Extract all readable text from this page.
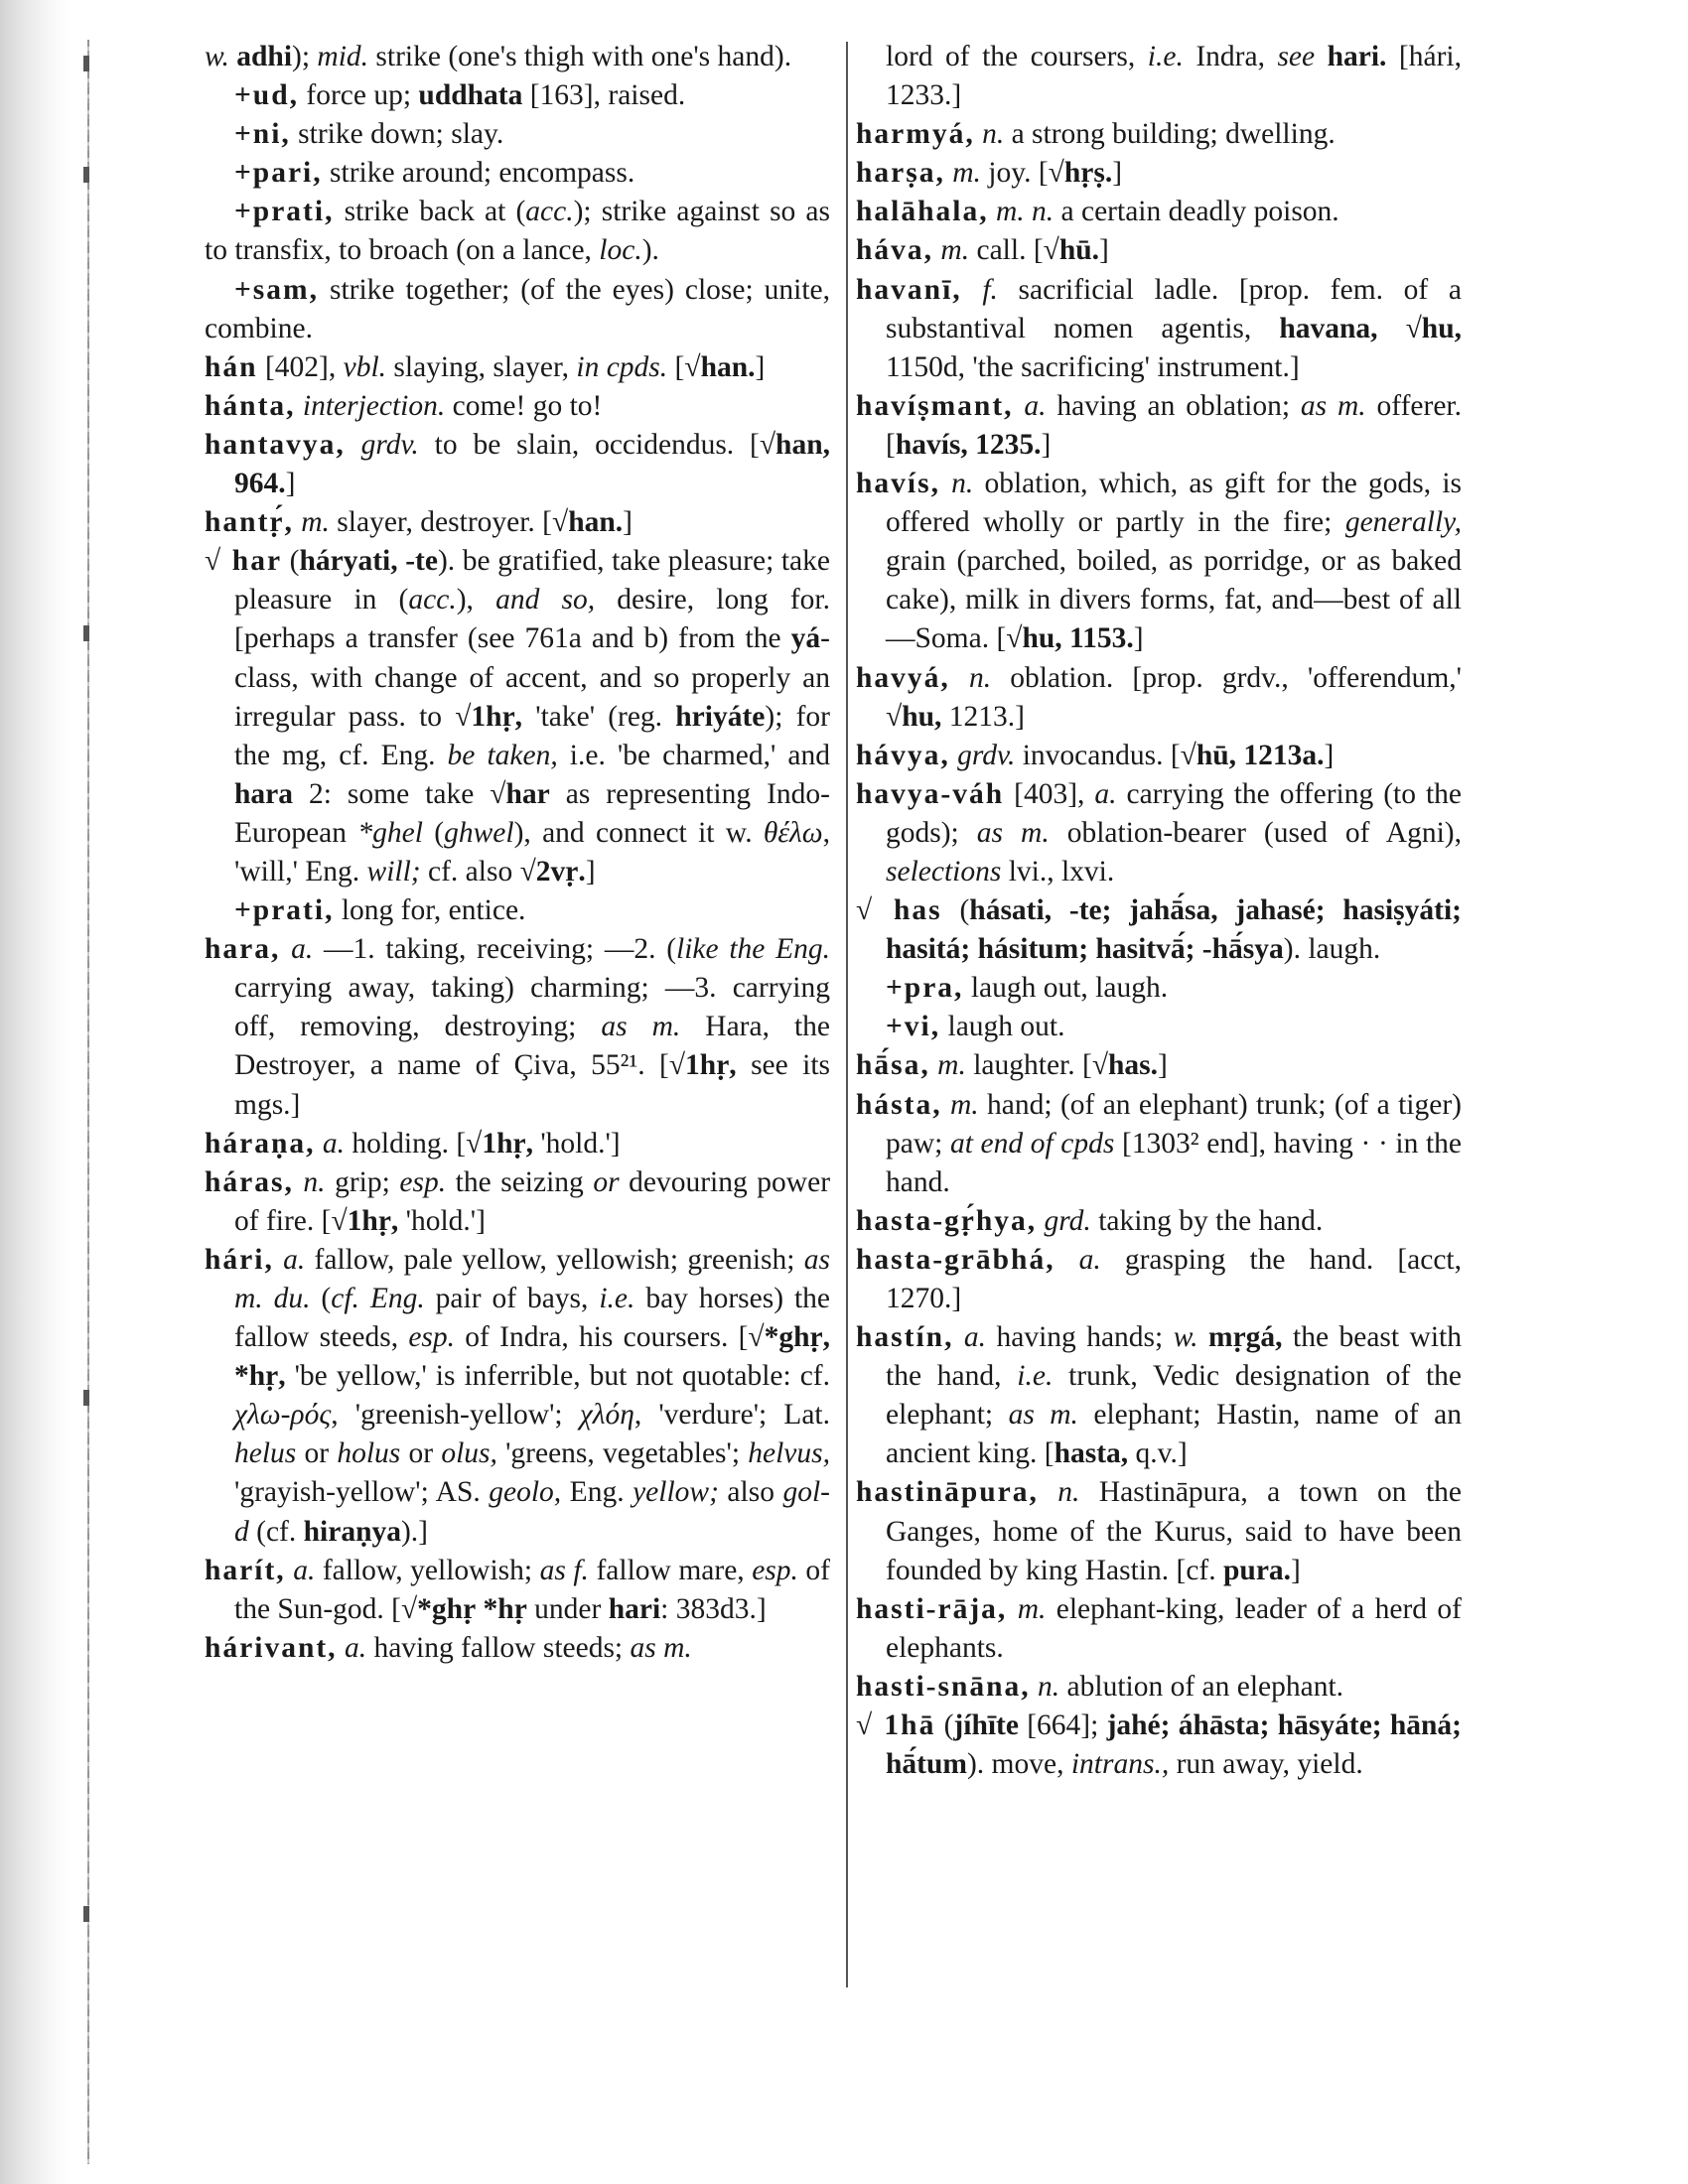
w. adhi); mid. strike (one's thigh with one's hand).

+ud, force up; uddhata [163], raised.

+ni, strike down; slay.

+pari, strike around; encompass.

+prati, strike back at (acc.); strike against so as to transfix, to broach (on a lance, loc.).

+sam, strike together; (of the eyes) close; unite, combine.

hán [402], vbl. slaying, slayer, in cpds. [√han.]

hánta, interjection. come! go to!

hantavya, grdv. to be slain, occidendus. [√han, 964.]

hantṛ́, m. slayer, destroyer. [√han.]

√ har (háryati, -te). be gratified, take pleasure; take pleasure in (acc.), and so, desire, long for. [perhaps a transfer (see 761a and b) from the yá-class, with change of accent, and so properly an irregular pass. to √1hṛ, 'take' (reg. hriyáte); for the mg, cf. Eng. be taken, i.e. 'be charmed,' and hara 2: some take √har as representing Indo-European *ghel (ghwel), and connect it w. θέλω, 'will,' Eng. will; cf. also √2vṛ.]

+prati, long for, entice.

hara, a. —1. taking, receiving; —2. (like the Eng. carrying away, taking) charming; —3. carrying off, removing, destroying; as m. Hara, the Destroyer, a name of Çiva, 55²¹. [√1hṛ, see its mgs.]

háraṇa, a. holding. [√1hṛ, 'hold.']

háras, n. grip; esp. the seizing or devouring power of fire. [√1hṛ, 'hold.']

hári, a. fallow, pale yellow, yellowish; greenish; as m. du. (cf. Eng. pair of bays, i.e. bay horses) the fallow steeds, esp. of Indra, his coursers. [√*ghṛ, *hṛ, 'be yellow,' is inferrible, but not quotable: cf. χλω-ρός, 'greenish-yellow'; χλόη, 'verdure'; Lat. helus or holus or olus, 'greens, vegetables'; helvus, 'grayish-yellow'; AS. geolo, Eng. yellow; also gol-d (cf. hiraṇya).]

harít, a. fallow, yellowish; as f. fallow mare, esp. of the Sun-god. [√*ghṛ *hṛ under hari: 383d3.]

hárivant, a. having fallow steeds; as m.

lord of the coursers, i.e. Indra, see hari. [hári, 1233.]

harmyá, n. a strong building; dwelling.

harṣa, m. joy. [√hṛṣ.]

halāhala, m. n. a certain deadly poison.

háva, m. call. [√hū.]

havanī, f. sacrificial ladle. [prop. fem. of a substantival nomen agentis, havana, √hu, 1150d, 'the sacrificing' instrument.]

havíṣmant, a. having an oblation; as m. offerer. [havís, 1235.]

havís, n. oblation, which, as gift for the gods, is offered wholly or partly in the fire; generally, grain (parched, boiled, as porridge, or as baked cake), milk in divers forms, fat, and—best of all—Soma. [√hu, 1153.]

havyá, n. oblation. [prop. grdv., 'offerendum,' √hu, 1213.]

hávya, grdv. invocandus. [√hū, 1213a.]

havya-váh [403], a. carrying the offering (to the gods); as m. oblation-bearer (used of Agni), selections lvi., lxvi.

√ has (hásati, -te; jahā́sa, jahasé; hasiṣyáti; hasitá; hásitum; hasitvā́; -hā́sya). laugh.

+pra, laugh out, laugh.

+vi, laugh out.

hā́sa, m. laughter. [√has.]

hásta, m. hand; (of an elephant) trunk; (of a tiger) paw; at end of cpds [1303² end], having · · in the hand.

hasta-gṛ́hya, grd. taking by the hand.

hasta-grābhá, a. grasping the hand. [acct, 1270.]

hastín, a. having hands; w. mṛgá, the beast with the hand, i.e. trunk, Vedic designation of the elephant; as m. elephant; Hastin, name of an ancient king. [hasta, q.v.]

hastināpura, n. Hastināpura, a town on the Ganges, home of the Kurus, said to have been founded by king Hastin. [cf. pura.]

hasti-rāja, m. elephant-king, leader of a herd of elephants.

hasti-snāna, n. ablution of an elephant.

√ 1hā (jíhīte [664]; jahé; áhāsta; hāsyáte; hāná; hā́tum). move, intrans., run away, yield.
